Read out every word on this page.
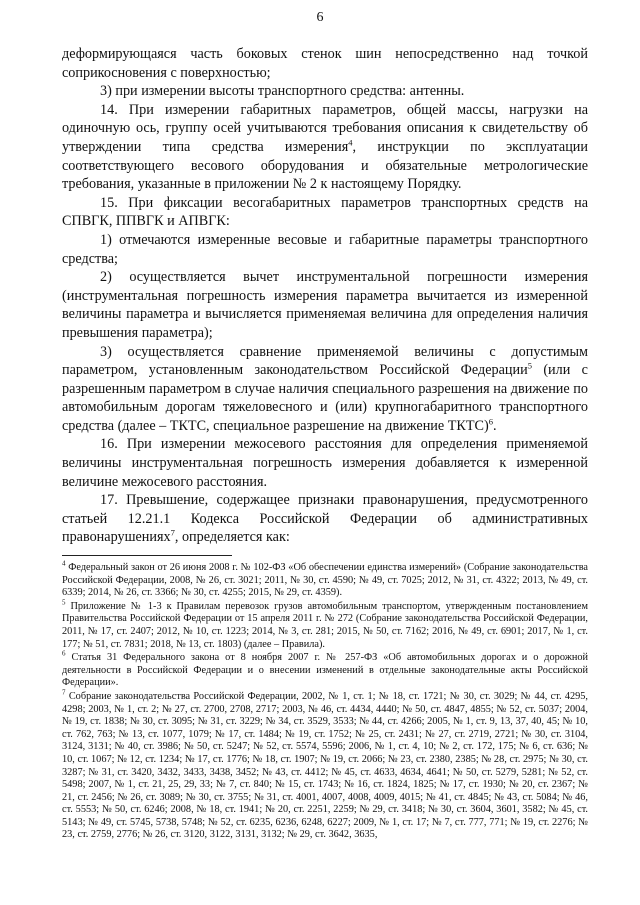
6

деформирующаяся часть боковых стенок шин непосредственно над точкой соприкосновения с поверхностью;

3) при измерении высоты транспортного средства: антенны.

14. При измерении габаритных параметров, общей массы, нагрузки на одиночную ось, группу осей учитываются требования описания к свидетельству об утверждении типа средства измерения$^4$, инструкции по эксплуатации соответствующего весового оборудования и обязательные метрологические требования, указанные в приложении № 2 к настоящему Порядку.

15. При фиксации весогабаритных параметров транспортных средств на СПВГК, ППВГК и АПВГК:

1) отмечаются измеренные весовые и габаритные параметры транспортного средства;

2) осуществляется вычет инструментальной погрешности измерения (инструментальная погрешность измерения параметра вычитается из измеренной величины параметра и вычисляется применяемая величина для определения наличия превышения параметра);

3) осуществляется сравнение применяемой величины с допустимым параметром, установленным законодательством Российской Федерации$^5$ (или с разрешенным параметром в случае наличия специального разрешения на движение по автомобильным дорогам тяжеловесного и (или) крупногабаритного транспортного средства (далее – ТКТС, специальное разрешение на движение ТКТС)$^6$.

16. При измерении межосевого расстояния для определения применяемой величины инструментальная погрешность измерения добавляется к измеренной величине межосевого расстояния.

17. Превышение, содержащее признаки правонарушения, предусмотренного статьей 12.21.1 Кодекса Российской Федерации об административных правонарушениях$^7$, определяется как:

$^4$ Федеральный закон от 26 июня 2008 г. № 102-ФЗ «Об обеспечении единства измерений» (Собрание законодательства Российской Федерации, 2008, № 26, ст. 3021; 2011, № 30, ст. 4590; № 49, ст. 7025; 2012, № 31, ст. 4322; 2013, № 49, ст. 6339; 2014, № 26, ст. 3366; № 30, ст. 4255; 2015, № 29, ст. 4359).

$^5$ Приложение № 1-3 к Правилам перевозок грузов автомобильным транспортом, утвержденным постановлением Правительства Российской Федерации от 15 апреля 2011 г. № 272 (Собрание законодательства Российской Федерации, 2011, № 17, ст. 2407; 2012, № 10, ст. 1223; 2014, № 3, ст. 281; 2015, № 50, ст. 7162; 2016, № 49, ст. 6901; 2017, № 1, ст. 177; № 51, ст. 7831; 2018, № 13, ст. 1803) (далее – Правила).

$^6$ Статья 31 Федерального закона от 8 ноября 2007 г. № 257-ФЗ «Об автомобильных дорогах и о дорожной деятельности в Российской Федерации и о внесении изменений в отдельные законодательные акты Российской Федерации».

$^7$ Собрание законодательства Российской Федерации, 2002, № 1, ст. 1; № 18, ст. 1721; № 30, ст. 3029; № 44, ст. 4295, 4298; 2003, № 1, ст. 2; № 27, ст. 2700, 2708, 2717; 2003, № 46, ст. 4434, 4440; № 50, ст. 4847, 4855; № 52, ст. 5037; 2004, № 19, ст. 1838; № 30, ст. 3095; № 31, ст. 3229; № 34, ст. 3529, 3533; № 44, ст. 4266; 2005, № 1, ст. 9, 13, 37, 40, 45; № 10, ст. 762, 763; № 13, ст. 1077, 1079; № 17, ст. 1484; № 19, ст. 1752; № 25, ст. 2431; № 27, ст. 2719, 2721; № 30, ст. 3104, 3124, 3131; № 40, ст. 3986; № 50, ст. 5247; № 52, ст. 5574, 5596; 2006, № 1, ст. 4, 10; № 2, ст. 172, 175; № 6, ст. 636; № 10, ст. 1067; № 12, ст. 1234; № 17, ст. 1776; № 18, ст. 1907; № 19, ст. 2066; № 23, ст. 2380, 2385; № 28, ст. 2975; № 30, ст. 3287; № 31, ст. 3420, 3432, 3433, 3438, 3452; № 43, ст. 4412; № 45, ст. 4633, 4634, 4641; № 50, ст. 5279, 5281; № 52, ст. 5498; 2007, № 1, ст. 21, 25, 29, 33; № 7, ст. 840; № 15, ст. 1743; № 16, ст. 1824, 1825; № 17, ст. 1930; № 20, ст. 2367; № 21, ст. 2456; № 26, ст. 3089; № 30, ст. 3755; № 31, ст. 4001, 4007, 4008, 4009, 4015; № 41, ст. 4845; № 43, ст. 5084; № 46, ст. 5553; № 50, ст. 6246; 2008, № 18, ст. 1941; № 20, ст. 2251, 2259; № 29, ст. 3418; № 30, ст. 3604, 3601, 3582; № 45, ст. 5143; № 49, ст. 5745, 5738, 5748; № 52, ст. 6235, 6236, 6248, 6227; 2009, № 1, ст. 17; № 7, ст. 777, 771; № 19, ст. 2276; № 23, ст. 2759, 2776; № 26, ст. 3120, 3122, 3131, 3132; № 29, ст. 3642, 3635,
